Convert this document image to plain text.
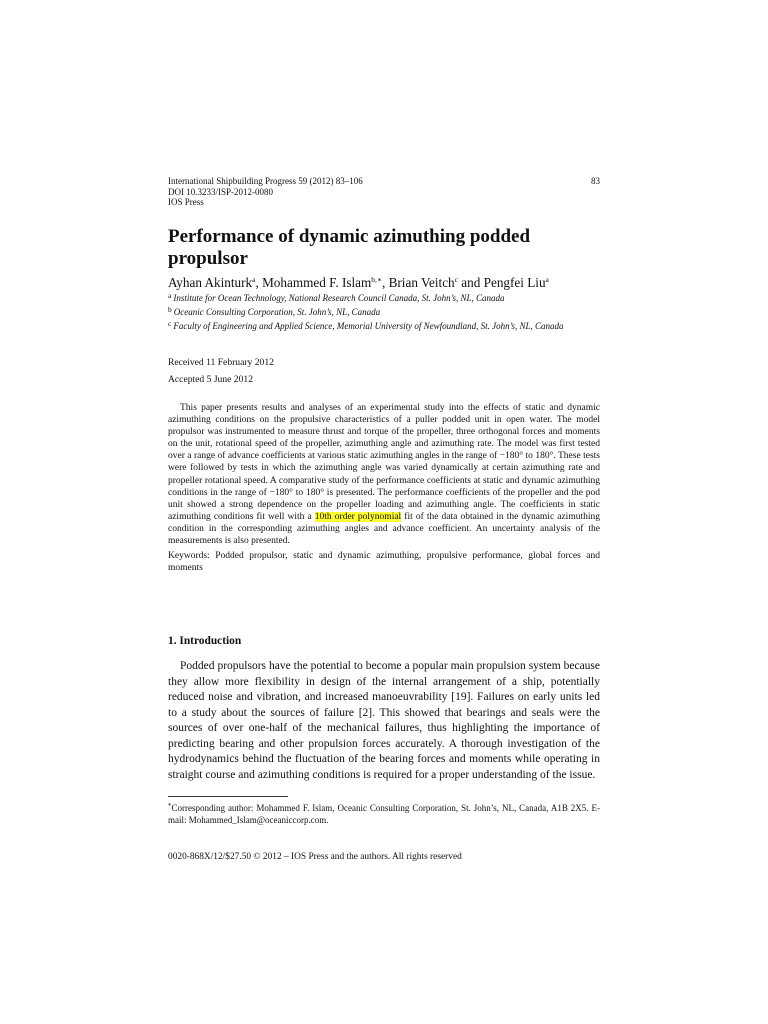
International Shipbuilding Progress 59 (2012) 83–106
DOI 10.3233/ISP-2012-0080
IOS Press
83
Performance of dynamic azimuthing podded propulsor
Ayhan Akinturk$^a$, Mohammed F. Islam$^{b,∗}$, Brian Veitch$^c$ and Pengfei Liu$^a$
$^a$ Institute for Ocean Technology, National Research Council Canada, St. John’s, NL, Canada
$^b$ Oceanic Consulting Corporation, St. John’s, NL, Canada
$^c$ Faculty of Engineering and Applied Science, Memorial University of Newfoundland, St. John’s, NL, Canada
Received 11 February 2012
Accepted 5 June 2012
This paper presents results and analyses of an experimental study into the effects of static and dynamic azimuthing conditions on the propulsive characteristics of a puller podded unit in open water. The model propulsor was instrumented to measure thrust and torque of the propeller, three orthogonal forces and moments on the unit, rotational speed of the propeller, azimuthing angle and azimuthing rate. The model was first tested over a range of advance coefficients at various static azimuthing angles in the range of −180° to 180°. These tests were followed by tests in which the azimuthing angle was varied dynamically at certain azimuthing rate and propeller rotational speed. A comparative study of the performance coefficients at static and dynamic azimuthing conditions in the range of −180° to 180° is presented. The performance coefficients of the propeller and the pod unit showed a strong dependence on the propeller loading and azimuthing angle. The coefficients in static azimuthing conditions fit well with a 10th order polynomial fit of the data obtained in the dynamic azimuthing condition in the corresponding azimuthing angles and advance coefficient. An uncertainty analysis of the measurements is also presented.
Keywords: Podded propulsor, static and dynamic azimuthing, propulsive performance, global forces and moments
1. Introduction
Podded propulsors have the potential to become a popular main propulsion system because they allow more flexibility in design of the internal arrangement of a ship, potentially reduced noise and vibration, and increased manoeuvrability [19]. Failures on early units led to a study about the sources of failure [2]. This showed that bearings and seals were the sources of over one-half of the mechanical failures, thus highlighting the importance of predicting bearing and other propulsion forces accurately. A thorough investigation of the hydrodynamics behind the fluctuation of the bearing forces and moments while operating in straight course and azimuthing conditions is required for a proper understanding of the issue.
*Corresponding author: Mohammed F. Islam, Oceanic Consulting Corporation, St. John’s, NL, Canada, A1B 2X5. E-mail: Mohammed_Islam@oceaniccorp.com.
0020-868X/12/$27.50 © 2012 – IOS Press and the authors. All rights reserved
